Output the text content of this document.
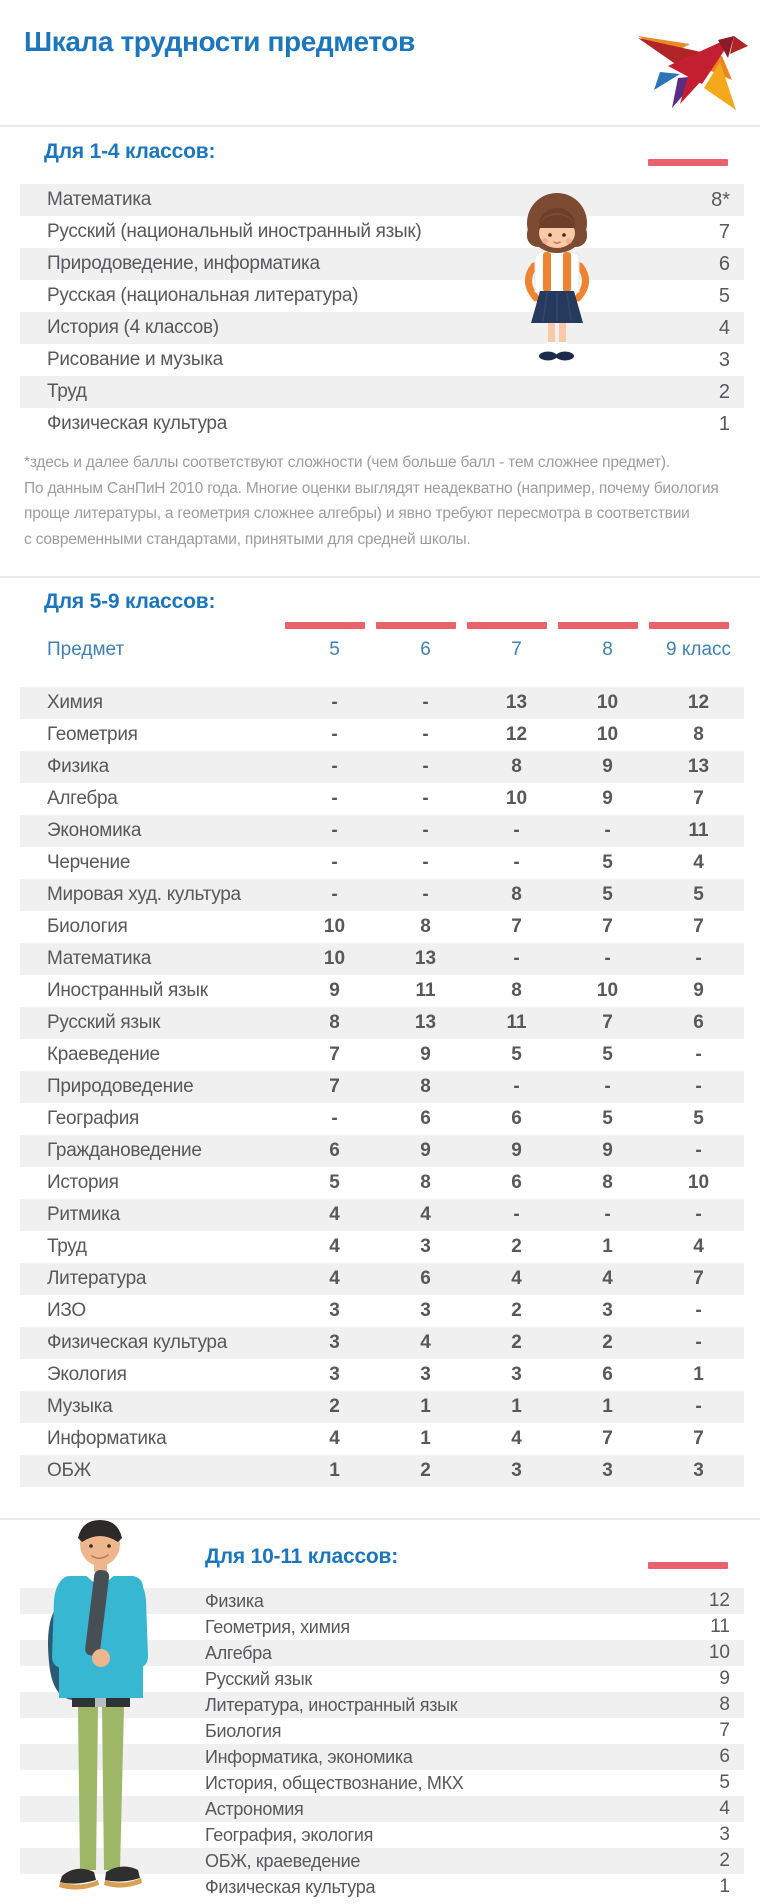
Шкала трудности предметов
Для 1-4 классов:
Математика	8*
Русский (национальный иностранный язык)	7
Природоведение, информатика	6
Русская (национальная литература)	5
История (4 классов)	4
Рисование и музыка	3
Труд	2
Физическая культура	1
*здесь и далее баллы соответствуют сложности (чем больше балл - тем сложнее предмет).
По данным СанПиН 2010 года. Многие оценки выглядят неадекватно (например, почему биология
проще литературы, а геометрия сложнее алгебры) и явно требуют пересмотра в соответствии
с современными стандартами, принятыми для средней школы.
Для 5-9 классов:
Предмет	5	6	7	8	9 класс
Химия	-	-	13	10	12
Геометрия	-	-	12	10	8
Физика	-	-	8	9	13
Алгебра	-	-	10	9	7
Экономика	-	-	-	-	11
Черчение	-	-	-	5	4
Мировая худ. культура	-	-	8	5	5
Биология	10	8	7	7	7
Математика	10	13	-	-	-
Иностранный язык	9	11	8	10	9
Русский язык	8	13	11	7	6
Краеведение	7	9	5	5	-
Природоведение	7	8	-	-	-
География	-	6	6	5	5
Граждановедение	6	9	9	9	-
История	5	8	6	8	10
Ритмика	4	4	-	-	-
Труд	4	3	2	1	4
Литература	4	6	4	4	7
ИЗО	3	3	2	3	-
Физическая культура	3	4	2	2	-
Экология	3	3	3	6	1
Музыка	2	1	1	1	-
Информатика	4	1	4	7	7
ОБЖ	1	2	3	3	3
Для 10-11 классов:
Физика	12
Геометрия, химия	11
Алгебра	10
Русский язык	9
Литература, иностранный язык	8
Биология	7
Информатика, экономика	6
История, обществознание, МКХ	5
Астрономия	4
География, экология	3
ОБЖ, краеведение	2
Физическая культура	1
